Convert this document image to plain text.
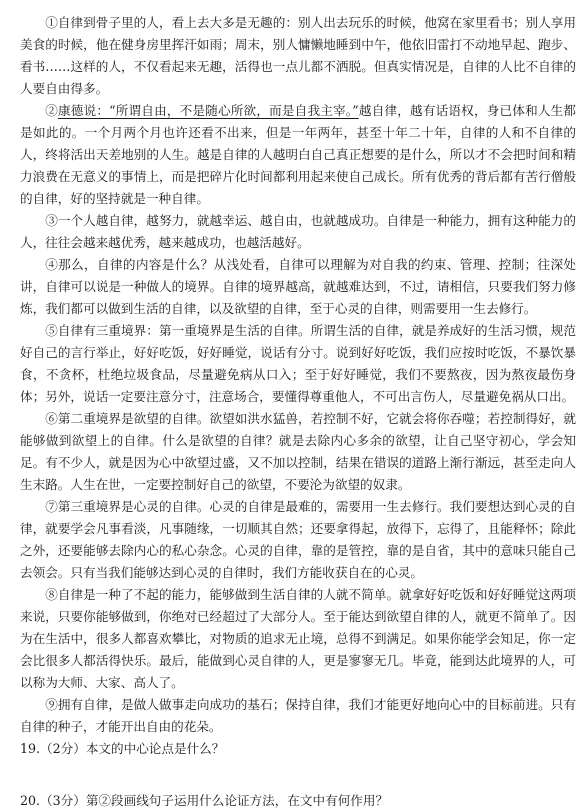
①自律到骨子里的人，看上去大多是无趣的：别人出去玩乐的时候，他窝在家里看书；别人享用美食的时候，他在健身房里挥汗如雨；周末，别人慵懒地睡到中午，他依旧雷打不动地早起、跑步、看书……这样的人，不仅看起来无趣，活得也一点儿都不洒脱。但真实情况是，自律的人比不自律的人要自由得多。

②康德说：“所谓自由，不是随心所欲，而是自我主宰。”越自律，越有话语权，身已体和人生都是如此的。一个月两个月也许还看不出来，但是一年两年，甚至十年二十年，自律的人和不自律的人，终将活出天差地别的人生。越是自律的人越明白自己真正想要的是什么，所以才不会把时间和精力浪费在无意义的事情上，而是把碎片化时间都利用起来使自己成长。所有优秀的背后都有苦行僧般的自律，好的坚持就是一种自律。

③一个人越自律，越努力，就越幸运、越自由，也就越成功。自律是一种能力，拥有这种能力的人，往往会越来越优秀，越来越成功，也越活越好。

④那么，自律的内容是什么？从浅处看，自律可以理解为对自我的约束、管理、控制；往深处讲，自律可以说是一种做人的境界。自律的境界越高，就越难达到，不过，请相信，只要我们努力修炼，我们都可以做到生活的自律，以及欲望的自律，至于心灵的自律，则需要用一生去修行。

⑤自律有三重境界：第一重境界是生活的自律。所谓生活的自律，就是养成好的生活习惯，规范好自己的言行举止，好好吃饭，好好睡觉，说话有分寸。说到好好吃饭，我们应按时吃饭，不暴饮暴食，不贪杯，杜绝垃圾食品，尽量避免病从口入；至于好好睡觉，我们不要熬夜，因为熬夜最伤身体；另外，说话一定要注意分寸，注意场合，要懂得尊重他人，不可出言伤人，尽量避免祸从口出。

⑥第二重境界是欲望的自律。欲望如洪水猛兽，若控制不好，它就会将你吞噬；若控制得好，就能够做到欲望上的自律。什么是欲望的自律？就是去除内心多余的欲望，让自己坚守初心，学会知足。有不少人，就是因为心中欲望过盛，又不加以控制，结果在错误的道路上渐行渐远，甚至走向人生末路。人生在世，一定要控制好自己的欲望，不要沦为欲望的奴隶。

⑦第三重境界是心灵的自律。心灵的自律是最难的，需要用一生去修行。我们要想达到心灵的自律，就要学会凡事看淡，凡事随缘，一切顺其自然；还要拿得起，放得下，忘得了，且能释怀；除此之外，还要能够去除内心的私心杂念。心灵的自律，靠的是管控，靠的是自省，其中的意味只能自己去领会。只有当我们能够达到心灵的自律时，我们方能收获自在的心灵。

⑧自律是一种了不起的能力，能够做到生活自律的人就不简单。就拿好好吃饭和好好睡觉这两项来说，只要你能够做到，你绝对已经超过了大部分人。至于能达到欲望自律的人，就更不简单了。因为在生活中，很多人都喜欢攀比，对物质的追求无止境，总得不到满足。如果你能学会知足，你一定会比很多人都活得快乐。最后，能做到心灵自律的人，更是寥寥无几。毕竟，能到达此境界的人，可以称为大师、大家、高人了。

⑨拥有自律，是做人做事走向成功的基石；保持自律，我们才能更好地向心中的目标前进。只有自律的种子，才能开出自由的花朵。

19.（2分）本文的中心论点是什么？

20.（3分）第②段画线句子运用什么论证方法，在文中有何作用？
